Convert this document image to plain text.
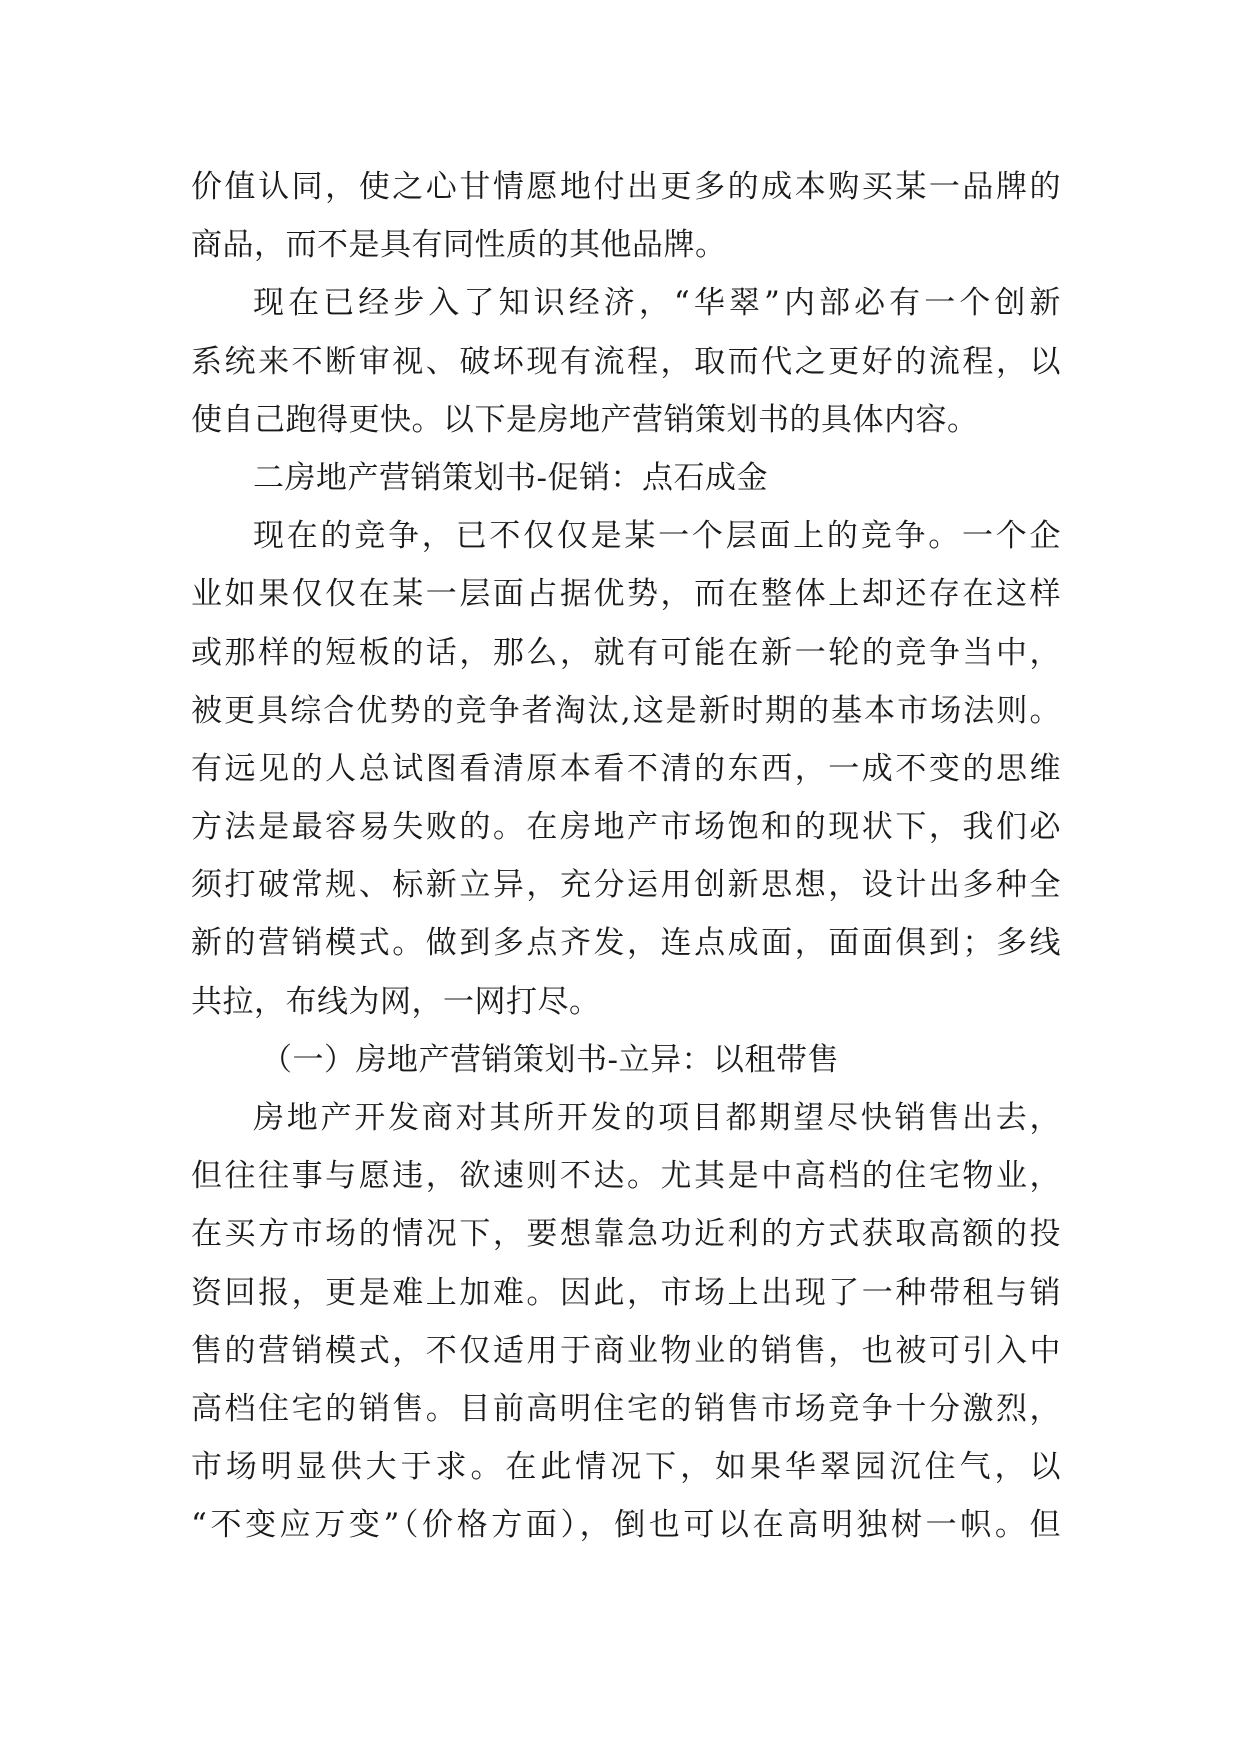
价值认同，使之心甘情愿地付出更多的成本购买某一品牌的
商品，而不是具有同性质的其他品牌。
现在已经步入了知识经济，“华翠”内部必有一个创新
系统来不断审视、破坏现有流程，取而代之更好的流程，以
使自己跑得更快。以下是房地产营销策划书的具体内容。
二房地产营销策划书-促销：点石成金
现在的竞争，已不仅仅是某一个层面上的竞争。一个企
业如果仅仅在某一层面占据优势，而在整体上却还存在这样
或那样的短板的话，那么，就有可能在新一轮的竞争当中，
被更具综合优势的竞争者淘汰,这是新时期的基本市场法则。
有远见的人总试图看清原本看不清的东西，一成不变的思维
方法是最容易失败的。在房地产市场饱和的现状下，我们必
须打破常规、标新立异，充分运用创新思想，设计出多种全
新的营销模式。做到多点齐发，连点成面，面面俱到；多线
共拉，布线为网，一网打尽。
（一）房地产营销策划书-立异：以租带售
房地产开发商对其所开发的项目都期望尽快销售出去，
但往往事与愿违，欲速则不达。尤其是中高档的住宅物业，
在买方市场的情况下，要想靠急功近利的方式获取高额的投
资回报，更是难上加难。因此，市场上出现了一种带租与销
售的营销模式，不仅适用于商业物业的销售，也被可引入中
高档住宅的销售。目前高明住宅的销售市场竞争十分激烈，
市场明显供大于求。在此情况下，如果华翠园沉住气，以
“不变应万变”（价格方面），倒也可以在高明独树一帜。但
